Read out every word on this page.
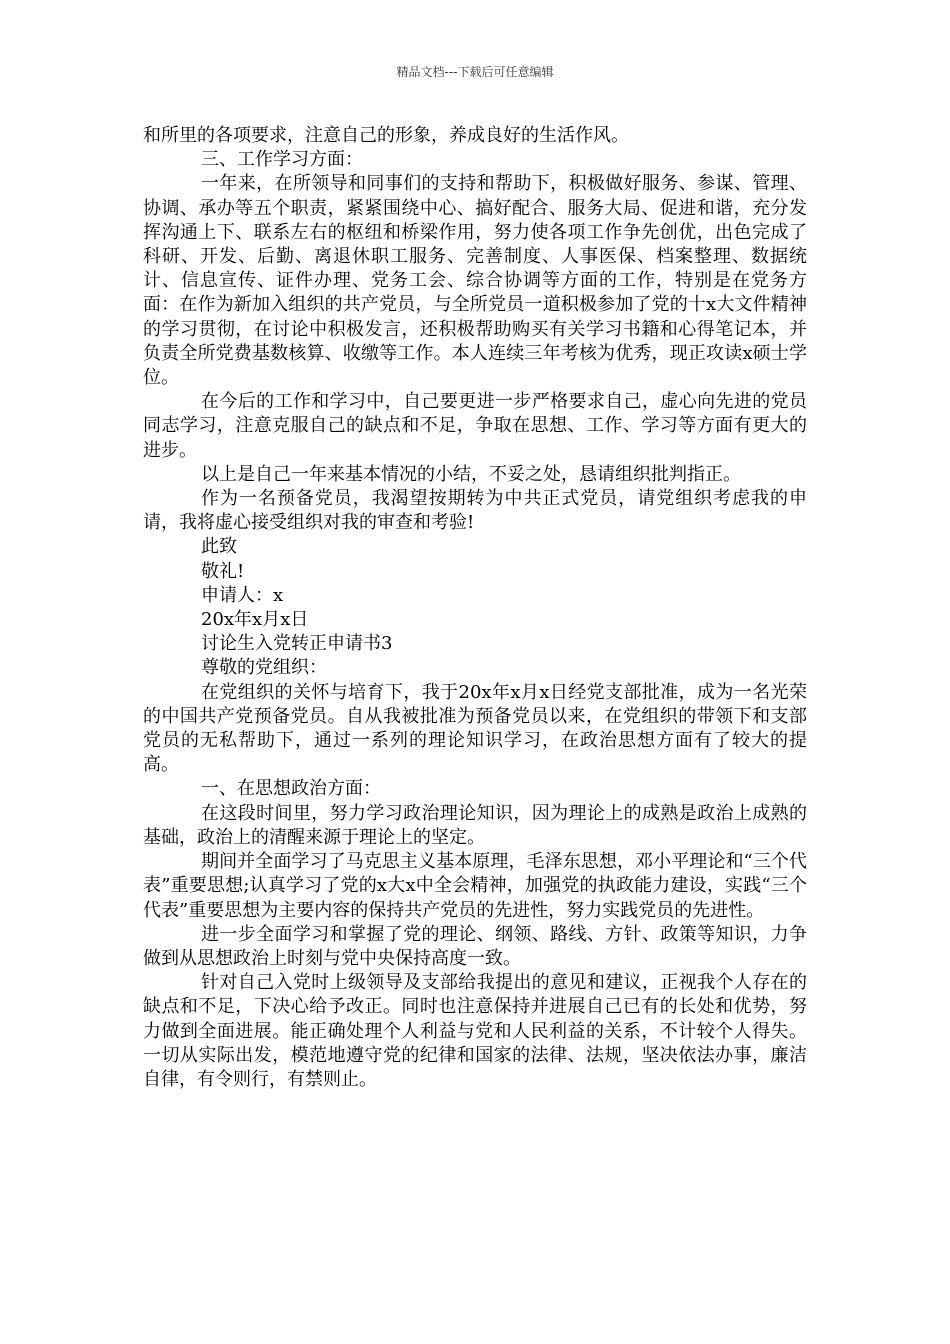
精品文档---下载后可任意编辑

和所里的各项要求，注意自己的形象，养成良好的生活作风。

三、工作学习方面：

一年来，在所领导和同事们的支持和帮助下，积极做好服务、参谋、管理、协调、承办等五个职责，紧紧围绕中心、搞好配合、服务大局、促进和谐，充分发挥沟通上下、联系左右的枢纽和桥梁作用，努力使各项工作争先创优，出色完成了科研、开发、后勤、离退休职工服务、完善制度、人事医保、档案整理、数据统计、信息宣传、证件办理、党务工会、综合协调等方面的工作，特别是在党务方面：在作为新加入组织的共产党员，与全所党员一道积极参加了党的十x大文件精神的学习贯彻，在讨论中积极发言，还积极帮助购买有关学习书籍和心得笔记本，并负责全所党费基数核算、收缴等工作。本人连续三年考核为优秀，现正攻读x硕士学位。

在今后的工作和学习中，自己要更进一步严格要求自己，虚心向先进的党员同志学习，注意克服自己的缺点和不足，争取在思想、工作、学习等方面有更大的进步。

以上是自己一年来基本情况的小结，不妥之处，恳请组织批判指正。

作为一名预备党员，我渴望按期转为中共正式党员，请党组织考虑我的申请，我将虚心接受组织对我的审查和考验!

此致

敬礼!

申请人：x

20x年x月x日

讨论生入党转正申请书3

尊敬的党组织：

在党组织的关怀与培育下，我于20x年x月x日经党支部批准，成为一名光荣的中国共产党预备党员。自从我被批准为预备党员以来，在党组织的带领下和支部党员的无私帮助下，通过一系列的理论知识学习，在政治思想方面有了较大的提高。

一、在思想政治方面：

在这段时间里，努力学习政治理论知识，因为理论上的成熟是政治上成熟的基础，政治上的清醒来源于理论上的坚定。

期间并全面学习了马克思主义基本原理，毛泽东思想，邓小平理论和“三个代表”重要思想;认真学习了党的x大x中全会精神，加强党的执政能力建设，实践“三个代表”重要思想为主要内容的保持共产党员的先进性，努力实践党员的先进性。

进一步全面学习和掌握了党的理论、纲领、路线、方针、政策等知识，力争做到从思想政治上时刻与党中央保持高度一致。

针对自己入党时上级领导及支部给我提出的意见和建议，正视我个人存在的缺点和不足，下决心给予改正。同时也注意保持并进展自己已有的长处和优势，努力做到全面进展。能正确处理个人利益与党和人民利益的关系，不计较个人得失。一切从实际出发，模范地遵守党的纪律和国家的法律、法规，坚决依法办事，廉洁自律，有令则行，有禁则止。
